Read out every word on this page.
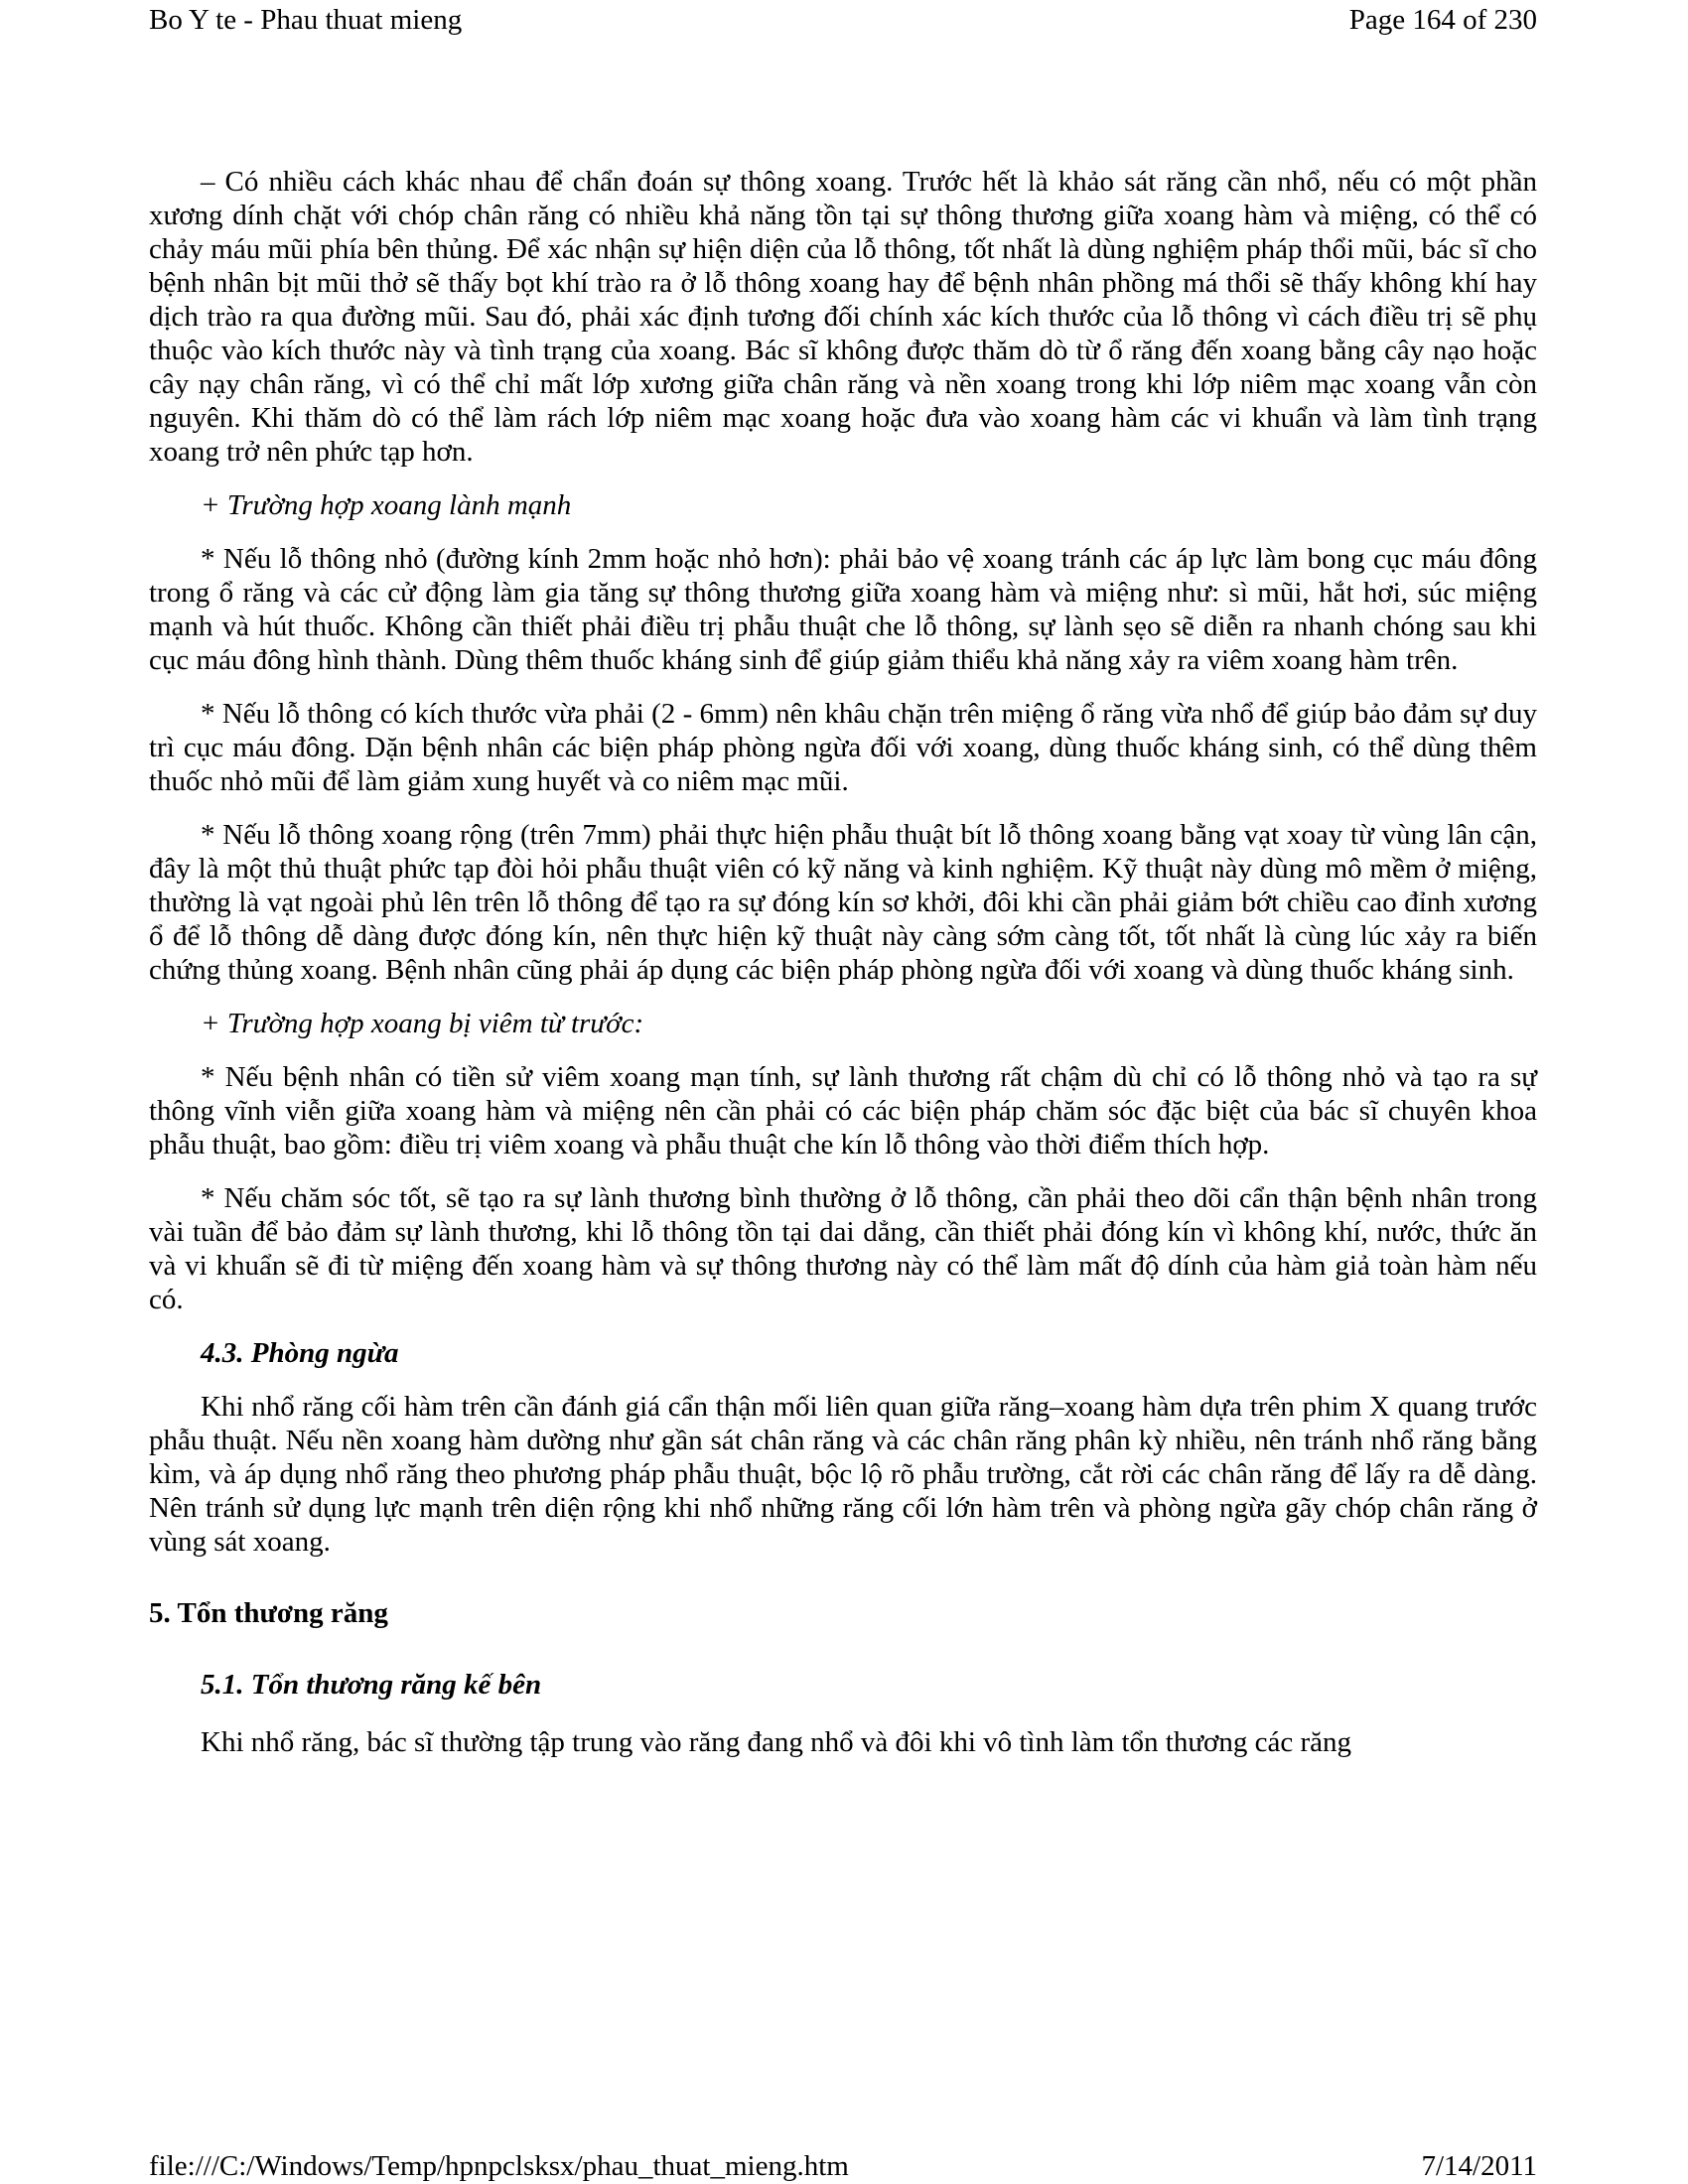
Bo Y te - Phau thuat mieng	Page 164 of 230

– Có nhiều cách khác nhau để chẩn đoán sự thông xoang. Trước hết là khảo sát răng cần nhổ, nếu có một phần xương dính chặt với chóp chân răng có nhiều khả năng tồn tại sự thông thương giữa xoang hàm và miệng, có thể có chảy máu mũi phía bên thủng. Để xác nhận sự hiện diện của lỗ thông, tốt nhất là dùng nghiệm pháp thổi mũi, bác sĩ cho bệnh nhân bịt mũi thở sẽ thấy bọt khí trào ra ở lỗ thông xoang hay để bệnh nhân phồng má thổi sẽ thấy không khí hay dịch trào ra qua đường mũi. Sau đó, phải xác định tương đối chính xác kích thước của lỗ thông vì cách điều trị sẽ phụ thuộc vào kích thước này và tình trạng của xoang. Bác sĩ không được thăm dò từ ổ răng đến xoang bằng cây nạo hoặc cây nạy chân răng, vì có thể chỉ mất lớp xương giữa chân răng và nền xoang trong khi lớp niêm mạc xoang vẫn còn nguyên. Khi thăm dò có thể làm rách lớp niêm mạc xoang hoặc đưa vào xoang hàm các vi khuẩn và làm tình trạng xoang trở nên phức tạp hơn.

+ Trường hợp xoang lành mạnh

* Nếu lỗ thông nhỏ (đường kính 2mm hoặc nhỏ hơn): phải bảo vệ xoang tránh các áp lực làm bong cục máu đông trong ổ răng và các cử động làm gia tăng sự thông thương giữa xoang hàm và miệng như: sì mũi, hắt hơi, súc miệng mạnh và hút thuốc. Không cần thiết phải điều trị phẫu thuật che lỗ thông, sự lành sẹo sẽ diễn ra nhanh chóng sau khi cục máu đông hình thành. Dùng thêm thuốc kháng sinh để giúp giảm thiểu khả năng xảy ra viêm xoang hàm trên.

* Nếu lỗ thông có kích thước vừa phải (2 - 6mm) nên khâu chặn trên miệng ổ răng vừa nhổ để giúp bảo đảm sự duy trì cục máu đông. Dặn bệnh nhân các biện pháp phòng ngừa đối với xoang, dùng thuốc kháng sinh, có thể dùng thêm thuốc nhỏ mũi để làm giảm xung huyết và co niêm mạc mũi.

* Nếu lỗ thông xoang rộng (trên 7mm) phải thực hiện phẫu thuật bít lỗ thông xoang bằng vạt xoay từ vùng lân cận, đây là một thủ thuật phức tạp đòi hỏi phẫu thuật viên có kỹ năng và kinh nghiệm. Kỹ thuật này dùng mô mềm ở miệng, thường là vạt ngoài phủ lên trên lỗ thông để tạo ra sự đóng kín sơ khởi, đôi khi cần phải giảm bớt chiều cao đỉnh xương ổ để lỗ thông dễ dàng được đóng kín, nên thực hiện kỹ thuật này càng sớm càng tốt, tốt nhất là cùng lúc xảy ra biến chứng thủng xoang. Bệnh nhân cũng phải áp dụng các biện pháp phòng ngừa đối với xoang và dùng thuốc kháng sinh.

+ Trường hợp xoang bị viêm từ trước:

* Nếu bệnh nhân có tiền sử viêm xoang mạn tính, sự lành thương rất chậm dù chỉ có lỗ thông nhỏ và tạo ra sự thông vĩnh viễn giữa xoang hàm và miệng nên cần phải có các biện pháp chăm sóc đặc biệt của bác sĩ chuyên khoa phẫu thuật, bao gồm: điều trị viêm xoang và phẫu thuật che kín lỗ thông vào thời điểm thích hợp.

* Nếu chăm sóc tốt, sẽ tạo ra sự lành thương bình thường ở lỗ thông, cần phải theo dõi cẩn thận bệnh nhân trong vài tuần để bảo đảm sự lành thương, khi lỗ thông tồn tại dai dẳng, cần thiết phải đóng kín vì không khí, nước, thức ăn và vi khuẩn sẽ đi từ miệng đến xoang hàm và sự thông thương này có thể làm mất độ dính của hàm giả toàn hàm nếu có.

4.3. Phòng ngừa

Khi nhổ răng cối hàm trên cần đánh giá cẩn thận mối liên quan giữa răng–xoang hàm dựa trên phim X quang trước phẫu thuật. Nếu nền xoang hàm dường như gần sát chân răng và các chân răng phân kỳ nhiều, nên tránh nhổ răng bằng kìm, và áp dụng nhổ răng theo phương pháp phẫu thuật, bộc lộ rõ phẫu trường, cắt rời các chân răng để lấy ra dễ dàng. Nên tránh sử dụng lực mạnh trên diện rộng khi nhổ những răng cối lớn hàm trên và phòng ngừa gãy chóp chân răng ở vùng sát xoang.

5. Tổn thương răng
5.1. Tổn thương răng kế bên

Khi nhổ răng, bác sĩ thường tập trung vào răng đang nhổ và đôi khi vô tình làm tổn thương các răng

file:///C:/Windows/Temp/hpnpclsksx/phau_thuat_mieng.htm	7/14/2011
